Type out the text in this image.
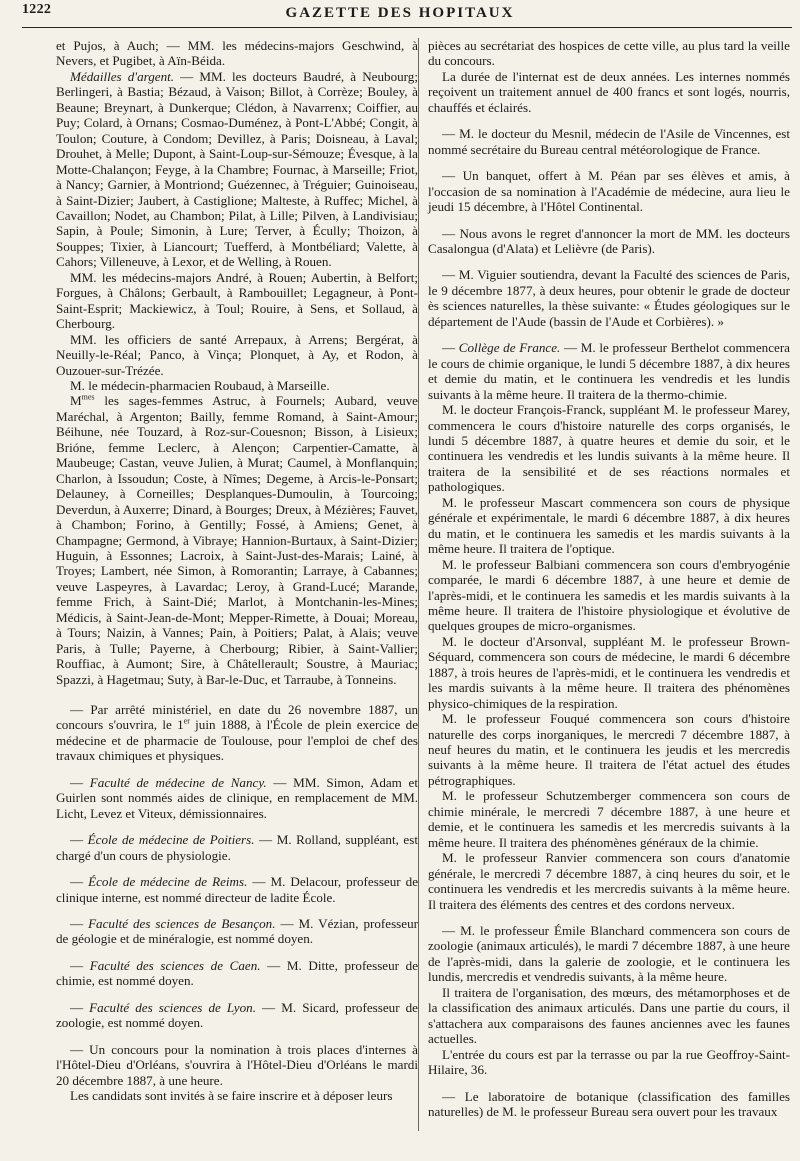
1222	GAZETTE DES HOPITAUX

et Pujos, à Auch; — MM. les médecins-majors Geschwind, à Nevers, et Pugibet, à Aïn-Béida.

Médailles d'argent. — MM. les docteurs Baudré, à Neubourg; Berlingeri, à Bastia; Bézaud, à Vaison; Billot, à Corrèze; Bouley, à Beaune; Breynart, à Dunkerque; Clédon, à Navarrenx; Coiffier, au Puy; Colard, à Ornans; Cosmao-Duménez, à Pont-L'Abbé; Congit, à Toulon; Couture, à Condom; Devillez, à Paris; Doisneau, à Laval; Drouhet, à Melle; Dupont, à Saint-Loup-sur-Sémouze; Évesque, à la Motte-Chalançon; Feyge, à la Chambre; Fournac, à Marseille; Friot, à Nancy; Garnier, à Montriond; Guézennec, à Tréguier; Guinoiseau, à Saint-Dizier; Jaubert, à Castiglione; Malteste, à Ruffec; Michel, à Cavaillon; Nodet, au Chambon; Pilat, à Lille; Pilven, à Landivisiau; Sapin, à Poule; Simonin, à Lure; Terver, à Écully; Thoizon, à Souppes; Tixier, à Liancourt; Tuefferd, à Montbéliard; Valette, à Cahors; Villeneuve, à Lexor, et de Welling, à Rouen.

MM. les médecins-majors André, à Rouen; Aubertin, à Belfort; Forgues, à Châlons; Gerbault, à Rambouillet; Legagneur, à Pont-Saint-Esprit; Mackiewicz, à Toul; Rouire, à Sens, et Sollaud, à Cherbourg.

MM. les officiers de santé Arrepaux, à Arrens; Bergérat, à Neuilly-le-Réal; Panco, à Vinça; Plonquet, à Ay, et Rodon, à Ouzouer-sur-Trézée.

M. le médecin-pharmacien Roubaud, à Marseille.

$M^{mes}$ les sages-femmes Astruc, à Fournels; Aubard, veuve Maréchal, à Argenton; Bailly, femme Romand, à Saint-Amour; Béihune, née Touzard, à Roz-sur-Couesnon; Bisson, à Lisieux; Brióne, femme Leclerc, à Alençon; Carpentier-Camatte, à Maubeuge; Castan, veuve Julien, à Murat; Caumel, à Monflanquin; Charlon, à Issoudun; Coste, à Nîmes; Degeme, à Arcis-le-Ponsart; Delauney, à Corneilles; Desplanques-Dumoulin, à Tourcoing; Deverdun, à Auxerre; Dinard, à Bourges; Dreux, à Mézières; Fauvet, à Chambon; Forino, à Gentilly; Fossé, à Amiens; Genet, à Champagne; Germond, à Vibraye; Hannion-Burtaux, à Saint-Dizier; Huguin, à Essonnes; Lacroix, à Saint-Just-des-Marais; Lainé, à Troyes; Lambert, née Simon, à Romorantin; Larraye, à Cabannes; veuve Laspeyres, à Lavardac; Leroy, à Grand-Lucé; Marande, femme Frich, à Saint-Dié; Marlot, à Montchanin-les-Mines; Médicis, à Saint-Jean-de-Mont; Mepper-Rimette, à Douai; Moreau, à Tours; Naizin, à Vannes; Pain, à Poitiers; Palat, à Alais; veuve Paris, à Tulle; Payerne, à Cherbourg; Ribier, à Saint-Vallier; Rouffiac, à Aumont; Sire, à Châtellerault; Soustre, à Mauriac; Spazzi, à Hagetmau; Suty, à Bar-le-Duc, et Tarraube, à Tonneins.

— Par arrêté ministériel, en date du 26 novembre 1887, un concours s'ouvrira, le 1er juin 1888, à l'École de plein exercice de médecine et de pharmacie de Toulouse, pour l'emploi de chef des travaux chimiques et physiques.

— Faculté de médecine de Nancy. — MM. Simon, Adam et Guirlen sont nommés aides de clinique, en remplacement de MM. Licht, Levez et Viteux, démissionnaires.

— École de médecine de Poitiers. — M. Rolland, suppléant, est chargé d'un cours de physiologie.

— École de médecine de Reims. — M. Delacour, professeur de clinique interne, est nommé directeur de ladite École.

— Faculté des sciences de Besançon. — M. Vézian, professeur de géologie et de minéralogie, est nommé doyen.

— Faculté des sciences de Caen. — M. Ditte, professeur de chimie, est nommé doyen.

— Faculté des sciences de Lyon. — M. Sicard, professeur de zoologie, est nommé doyen.

— Un concours pour la nomination à trois places d'internes à l'Hôtel-Dieu d'Orléans, s'ouvrira à l'Hôtel-Dieu d'Orléans le mardi 20 décembre 1887, à une heure.

Les candidats sont invités à se faire inscrire et à déposer leurs

pièces au secrétariat des hospices de cette ville, au plus tard la veille du concours.

La durée de l'internat est de deux années. Les internes nommés reçoivent un traitement annuel de 400 francs et sont logés, nourris, chauffés et éclairés.

— M. le docteur du Mesnil, médecin de l'Asile de Vincennes, est nommé secrétaire du Bureau central météorologique de France.

— Un banquet, offert à M. Péan par ses élèves et amis, à l'occasion de sa nomination à l'Académie de médecine, aura lieu le jeudi 15 décembre, à l'Hôtel Continental.

— Nous avons le regret d'annoncer la mort de MM. les docteurs Casalongua (d'Alata) et Lelièvre (de Paris).

— M. Viguier soutiendra, devant la Faculté des sciences de Paris, le 9 décembre 1877, à deux heures, pour obtenir le grade de docteur ès sciences naturelles, la thèse suivante: « Études géologiques sur le département de l'Aude (bassin de l'Aude et Corbières). »

— Collège de France. — M. le professeur Berthelot commencera le cours de chimie organique, le lundi 5 décembre 1887, à dix heures et demie du matin, et le continuera les vendredis et les lundis suivants à la même heure. Il traitera de la thermo-chimie.

M. le docteur François-Franck, suppléant M. le professeur Marey, commencera le cours d'histoire naturelle des corps organisés, le lundi 5 décembre 1887, à quatre heures et demie du soir, et le continuera les vendredis et les lundis suivants à la même heure. Il traitera de la sensibilité et de ses réactions normales et pathologiques.

M. le professeur Mascart commencera son cours de physique générale et expérimentale, le mardi 6 décembre 1887, à dix heures du matin, et le continuera les samedis et les mardis suivants à la même heure. Il traitera de l'optique.

M. le professeur Balbiani commencera son cours d'embryogénie comparée, le mardi 6 décembre 1887, à une heure et demie de l'après-midi, et le continuera les samedis et les mardis suivants à la même heure. Il traitera de l'histoire physiologique et évolutive de quelques groupes de micro-organismes.

M. le docteur d'Arsonval, suppléant M. le professeur Brown-Séquard, commencera son cours de médecine, le mardi 6 décembre 1887, à trois heures de l'après-midi, et le continuera les vendredis et les mardis suivants à la même heure. Il traitera des phénomènes physico-chimiques de la respiration.

M. le professeur Fouqué commencera son cours d'histoire naturelle des corps inorganiques, le mercredi 7 décembre 1887, à neuf heures du matin, et le continuera les jeudis et les mercredis suivants à la même heure. Il traitera de l'état actuel des études pétrographiques.

M. le professeur Schutzemberger commencera son cours de chimie minérale, le mercredi 7 décembre 1887, à une heure et demie, et le continuera les samedis et les mercredis suivants à la même heure. Il traitera des phénomènes généraux de la chimie.

M. le professeur Ranvier commencera son cours d'anatomie générale, le mercredi 7 décembre 1887, à cinq heures du soir, et le continuera les vendredis et les mercredis suivants à la même heure. Il traitera des éléments des centres et des cordons nerveux.

— M. le professeur Émile Blanchard commencera son cours de zoologie (animaux articulés), le mardi 7 décembre 1887, à une heure de l'après-midi, dans la galerie de zoologie, et le continuera les lundis, mercredis et vendredis suivants, à la même heure.

Il traitera de l'organisation, des mœurs, des métamorphoses et de la classification des animaux articulés. Dans une partie du cours, il s'attachera aux comparaisons des faunes anciennes avec les faunes actuelles.

L'entrée du cours est par la terrasse ou par la rue Geoffroy-Saint-Hilaire, 36.

— Le laboratoire de botanique (classification des familles naturelles) de M. le professeur Bureau sera ouvert pour les travaux
